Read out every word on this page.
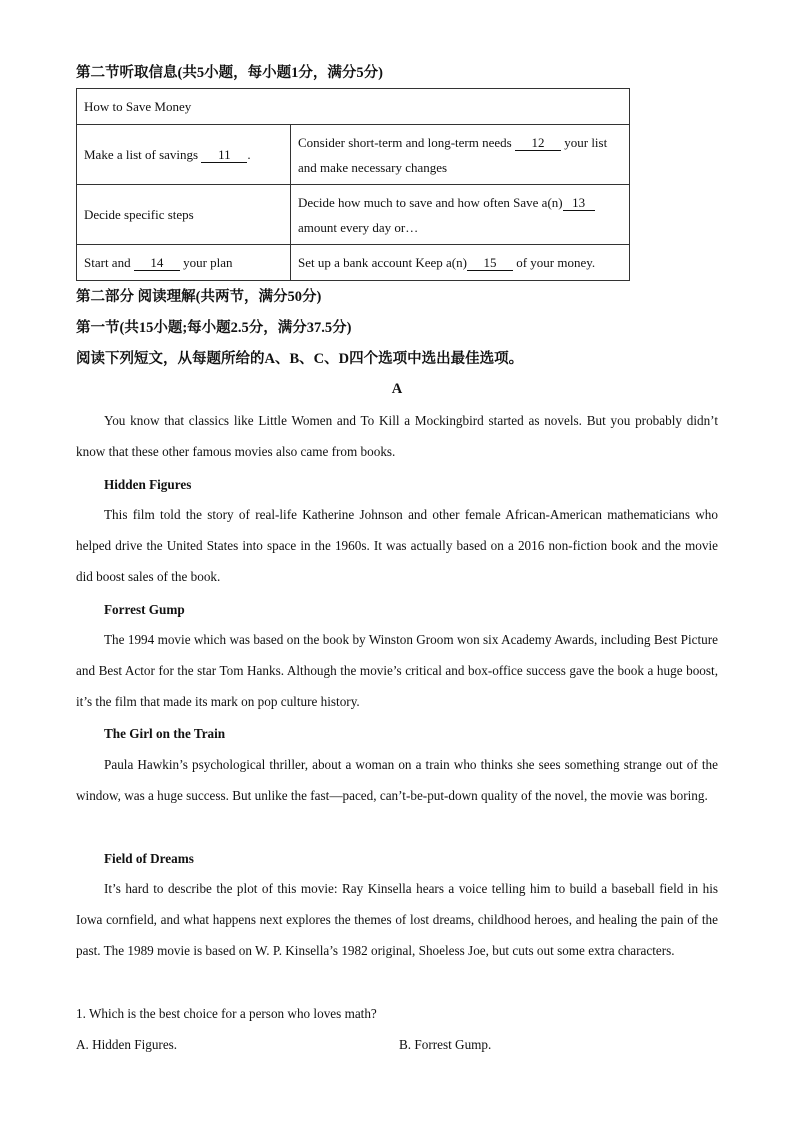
第二节听取信息(共5小题，每小题1分，满分5分)
How to Save Money	
Make a list of savings 11 .	Consider short-term and long-term needs 12 your list and make necessary changes
Decide specific steps	Decide how much to save and how often Save a(n) 13 amount every day or…
Start and 14 your plan	Set up a bank account Keep a(n) 15 of your money.
第二部分 阅读理解(共两节，满分50分)
第一节(共15小题;每小题2.5分，满分37.5分)
阅读下列短文，从每题所给的A、B、C、D四个选项中选出最佳选项。
A
You know that classics like Little Women and To Kill a Mockingbird started as novels. But you probably didn’t know that these other famous movies also came from books.
Hidden Figures
This film told the story of real-life Katherine Johnson and other female African-American mathematicians who helped drive the United States into space in the 1960s. It was actually based on a 2016 non-fiction book and the movie did boost sales of the book.
Forrest Gump
The 1994 movie which was based on the book by Winston Groom won six Academy Awards, including Best Picture and Best Actor for the star Tom Hanks. Although the movie’s critical and box-office success gave the book a huge boost, it’s the film that made its mark on pop culture history.
The Girl on the Train
Paula Hawkin’s psychological thriller, about a woman on a train who thinks she sees something strange out of the window, was a huge success. But unlike the fast—paced, can’t-be-put-down quality of the novel, the movie was boring.
Field of Dreams
It’s hard to describe the plot of this movie: Ray Kinsella hears a voice telling him to build a baseball field in his Iowa cornfield, and what happens next explores the themes of lost dreams, childhood heroes, and healing the pain of the past. The 1989 movie is based on W. P. Kinsella’s 1982 original, Shoeless Joe, but cuts out some extra characters.
1. Which is the best choice for a person who loves math?
A. Hidden Figures.	B. Forrest Gump.
